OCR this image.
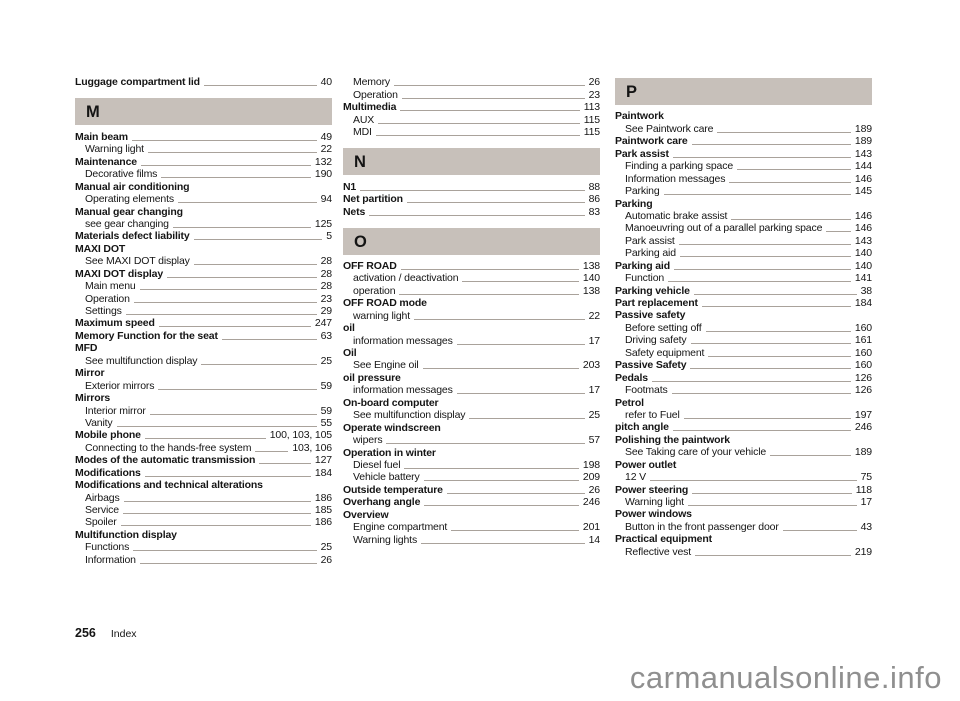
Luggage compartment lid	40
M
Main beam	49
Warning light	22
Maintenance	132
Decorative films	190
Manual air conditioning
Operating elements	94
Manual gear changing
see gear changing	125
Materials defect liability	5
MAXI DOT
See MAXI DOT display	28
MAXI DOT display	28
Main menu	28
Operation	23
Settings	29
Maximum speed	247
Memory Function for the seat	63
MFD
See multifunction display	25
Mirror
Exterior mirrors	59
Mirrors
Interior mirror	59
Vanity	55
Mobile phone	100, 103, 105
Connecting to the hands-free system	103, 106
Modes of the automatic transmission	127
Modifications	184
Modifications and technical alterations
Airbags	186
Service	185
Spoiler	186
Multifunction display
Functions	25
Information	26
Memory	26
Operation	23
Multimedia	113
AUX	115
MDI	115
N
N1	88
Net partition	86
Nets	83
O
OFF ROAD	138
activation / deactivation	140
operation	138
OFF ROAD mode
warning light	22
oil
information messages	17
Oil
See Engine oil	203
oil pressure
information messages	17
On-board computer
See multifunction display	25
Operate windscreen
wipers	57
Operation in winter
Diesel fuel	198
Vehicle battery	209
Outside temperature	26
Overhang angle	246
Overview
Engine compartment	201
Warning lights	14
P
Paintwork
See Paintwork care	189
Paintwork care	189
Park assist	143
Finding a parking space	144
Information messages	146
Parking	145
Parking
Automatic brake assist	146
Manoeuvring out of a parallel parking space	146
Park assist	143
Parking aid	140
Parking aid	140
Function	141
Parking vehicle	38
Part replacement	184
Passive safety
Before setting off	160
Driving safety	161
Safety equipment	160
Passive Safety	160
Pedals	126
Footmats	126
Petrol
refer to Fuel	197
pitch angle	246
Polishing the paintwork
See Taking care of your vehicle	189
Power outlet
12 V	75
Power steering	118
Warning light	17
Power windows
Button in the front passenger door	43
Practical equipment
Reflective vest	219
256 Index
carmanualsonline.info
